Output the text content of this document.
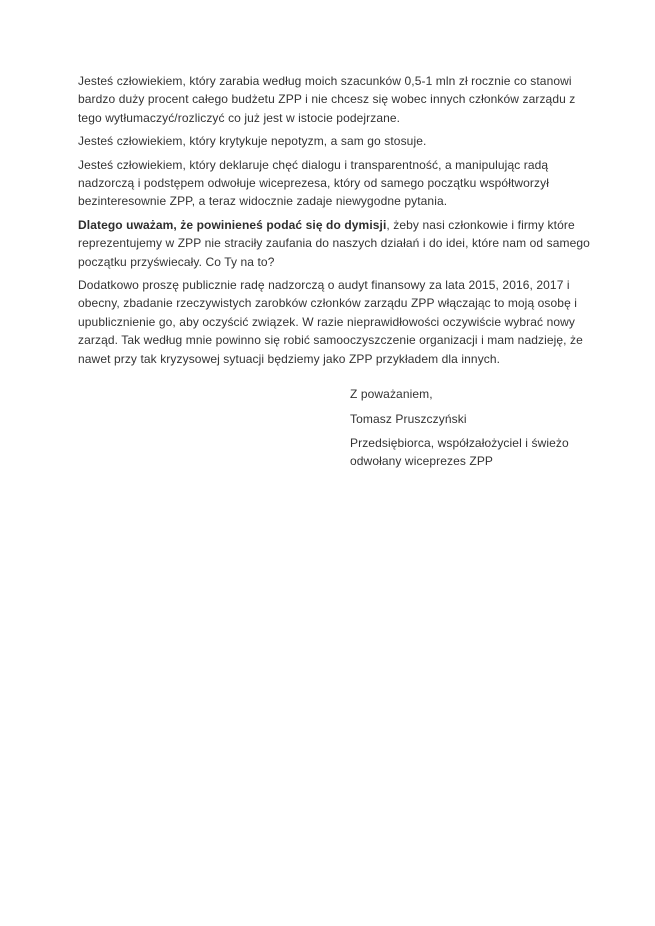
Jesteś człowiekiem, który zarabia według moich szacunków 0,5-1 mln zł rocznie co stanowi bardzo duży procent całego budżetu ZPP i nie chcesz się wobec innych członków zarządu z tego wytłumaczyć/rozliczyć co już jest w istocie podejrzane.

Jesteś człowiekiem, który krytykuje nepotyzm, a sam go stosuje.

Jesteś człowiekiem, który deklaruje chęć dialogu i transparentność, a manipulując radą nadzorczą i podstępem odwołuje wiceprezesa, który od samego początku współtworzył bezinteresownie ZPP, a teraz widocznie zadaje niewygodne pytania.

Dlatego uważam, że powinieneś podać się do dymisji, żeby nasi członkowie i firmy które reprezentujemy w ZPP nie straciły zaufania do naszych działań i do idei, które nam od samego początku przyświecały. Co Ty na to?

Dodatkowo proszę publicznie radę nadzorczą o audyt finansowy za lata 2015, 2016, 2017 i obecny, zbadanie rzeczywistych zarobków członków zarządu ZPP włączając to moją osobę i upublicznienie go, aby oczyścić związek. W razie nieprawidłowości oczywiście wybrać nowy zarząd. Tak według mnie powinno się robić samooczyszczenie organizacji i mam nadzieję, że nawet przy tak kryzysowej sytuacji będziemy jako ZPP przykładem dla innych.

Z poważaniem,

Tomasz Pruszczyński

Przedsiębiorca, współzałożyciel i świeżo odwołany wiceprezes ZPP
